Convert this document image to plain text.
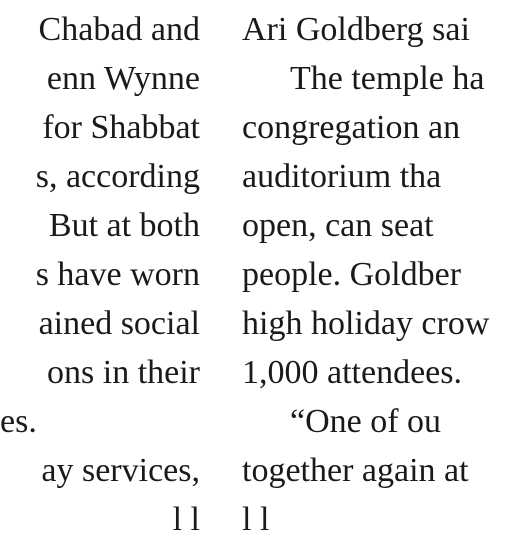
Chabad and
enn Wynne
for Shabbat
s, according
But at both
s have worn
ained social
ons in their
es.
ay services,
l l
Ari Goldberg sai
The temple ha
congregation an
auditorium tha
open, can seat
people. Goldber
high holiday crow
1,000 attendees.
“One of ou
together again at
l l
